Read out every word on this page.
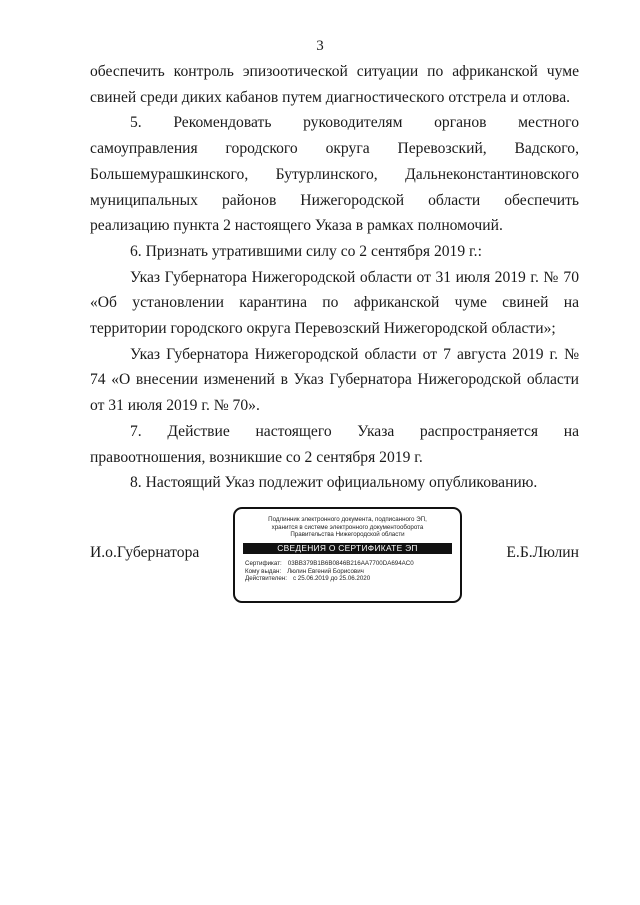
3

обеспечить контроль эпизоотической ситуации по африканской чуме свиней среди диких кабанов путем диагностического отстрела и отлова.

5. Рекомендовать руководителям органов местного самоуправления городского округа Перевозский, Вадского, Большемурашкинского, Бутурлинского, Дальнеконстантиновского муниципальных районов Нижегородской области обеспечить реализацию пункта 2 настоящего Указа в рамках полномочий.

6. Признать утратившими силу со 2 сентября 2019 г.:

Указ Губернатора Нижегородской области от 31 июля 2019 г. № 70 «Об установлении карантина по африканской чуме свиней на территории городского округа Перевозский Нижегородской области»;

Указ Губернатора Нижегородской области от 7 августа 2019 г. № 74 «О внесении изменений в Указ Губернатора Нижегородской области от 31 июля 2019 г. № 70».

7. Действие настоящего Указа распространяется на правоотношения, возникшие со 2 сентября 2019 г.

8. Настоящий Указ подлежит официальному опубликованию.

И.о.Губернатора
Подлинник электронного документа, подписанного ЭП,
хранится в системе электронного документооборота
Правительства Нижегородской области
СВЕДЕНИЯ О СЕРТИФИКАТЕ ЭП
Сертификат: 03BB379B1B6B0846B216AA7700DA694AC0
Кому выдан: Люлин Евгений Борисович
Действителен: с 25.06.2019 до 25.06.2020
Е.Б.Люлин
